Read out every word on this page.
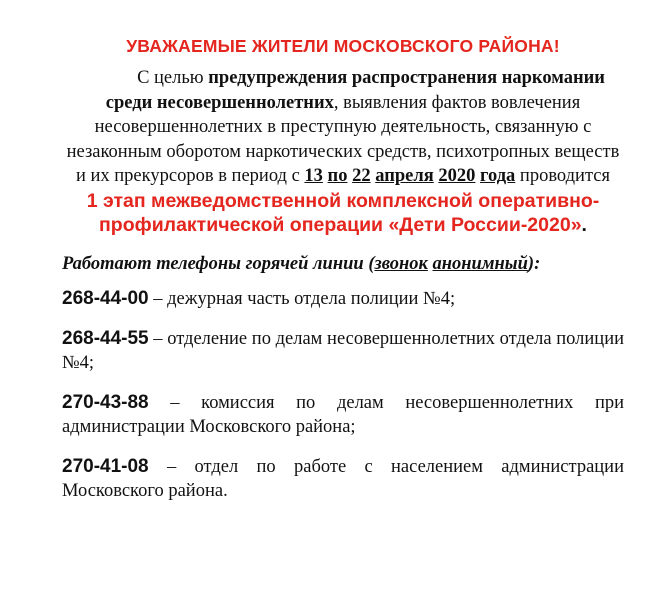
УВАЖАЕМЫЕ ЖИТЕЛИ МОСКОВСКОГО РАЙОНА!

С целью предупреждения распространения наркомании среди несовершеннолетних, выявления фактов вовлечения несовершеннолетних в преступную деятельность, связанную с незаконным оборотом наркотических средств, психотропных веществ и их прекурсоров в период с 13 по 22 апреля 2020 года проводится

1 этап межведомственной комплексной оперативно-профилактической операции «Дети России-2020».

Работают телефоны горячей линии (звонок анонимный):

268-44-00 – дежурная часть отдела полиции №4;

268-44-55 – отделение по делам несовершеннолетних отдела полиции №4;

270-43-88 – комиссия по делам несовершеннолетних при администрации Московского района;

270-41-08 – отдел по работе с населением администрации Московского района.
